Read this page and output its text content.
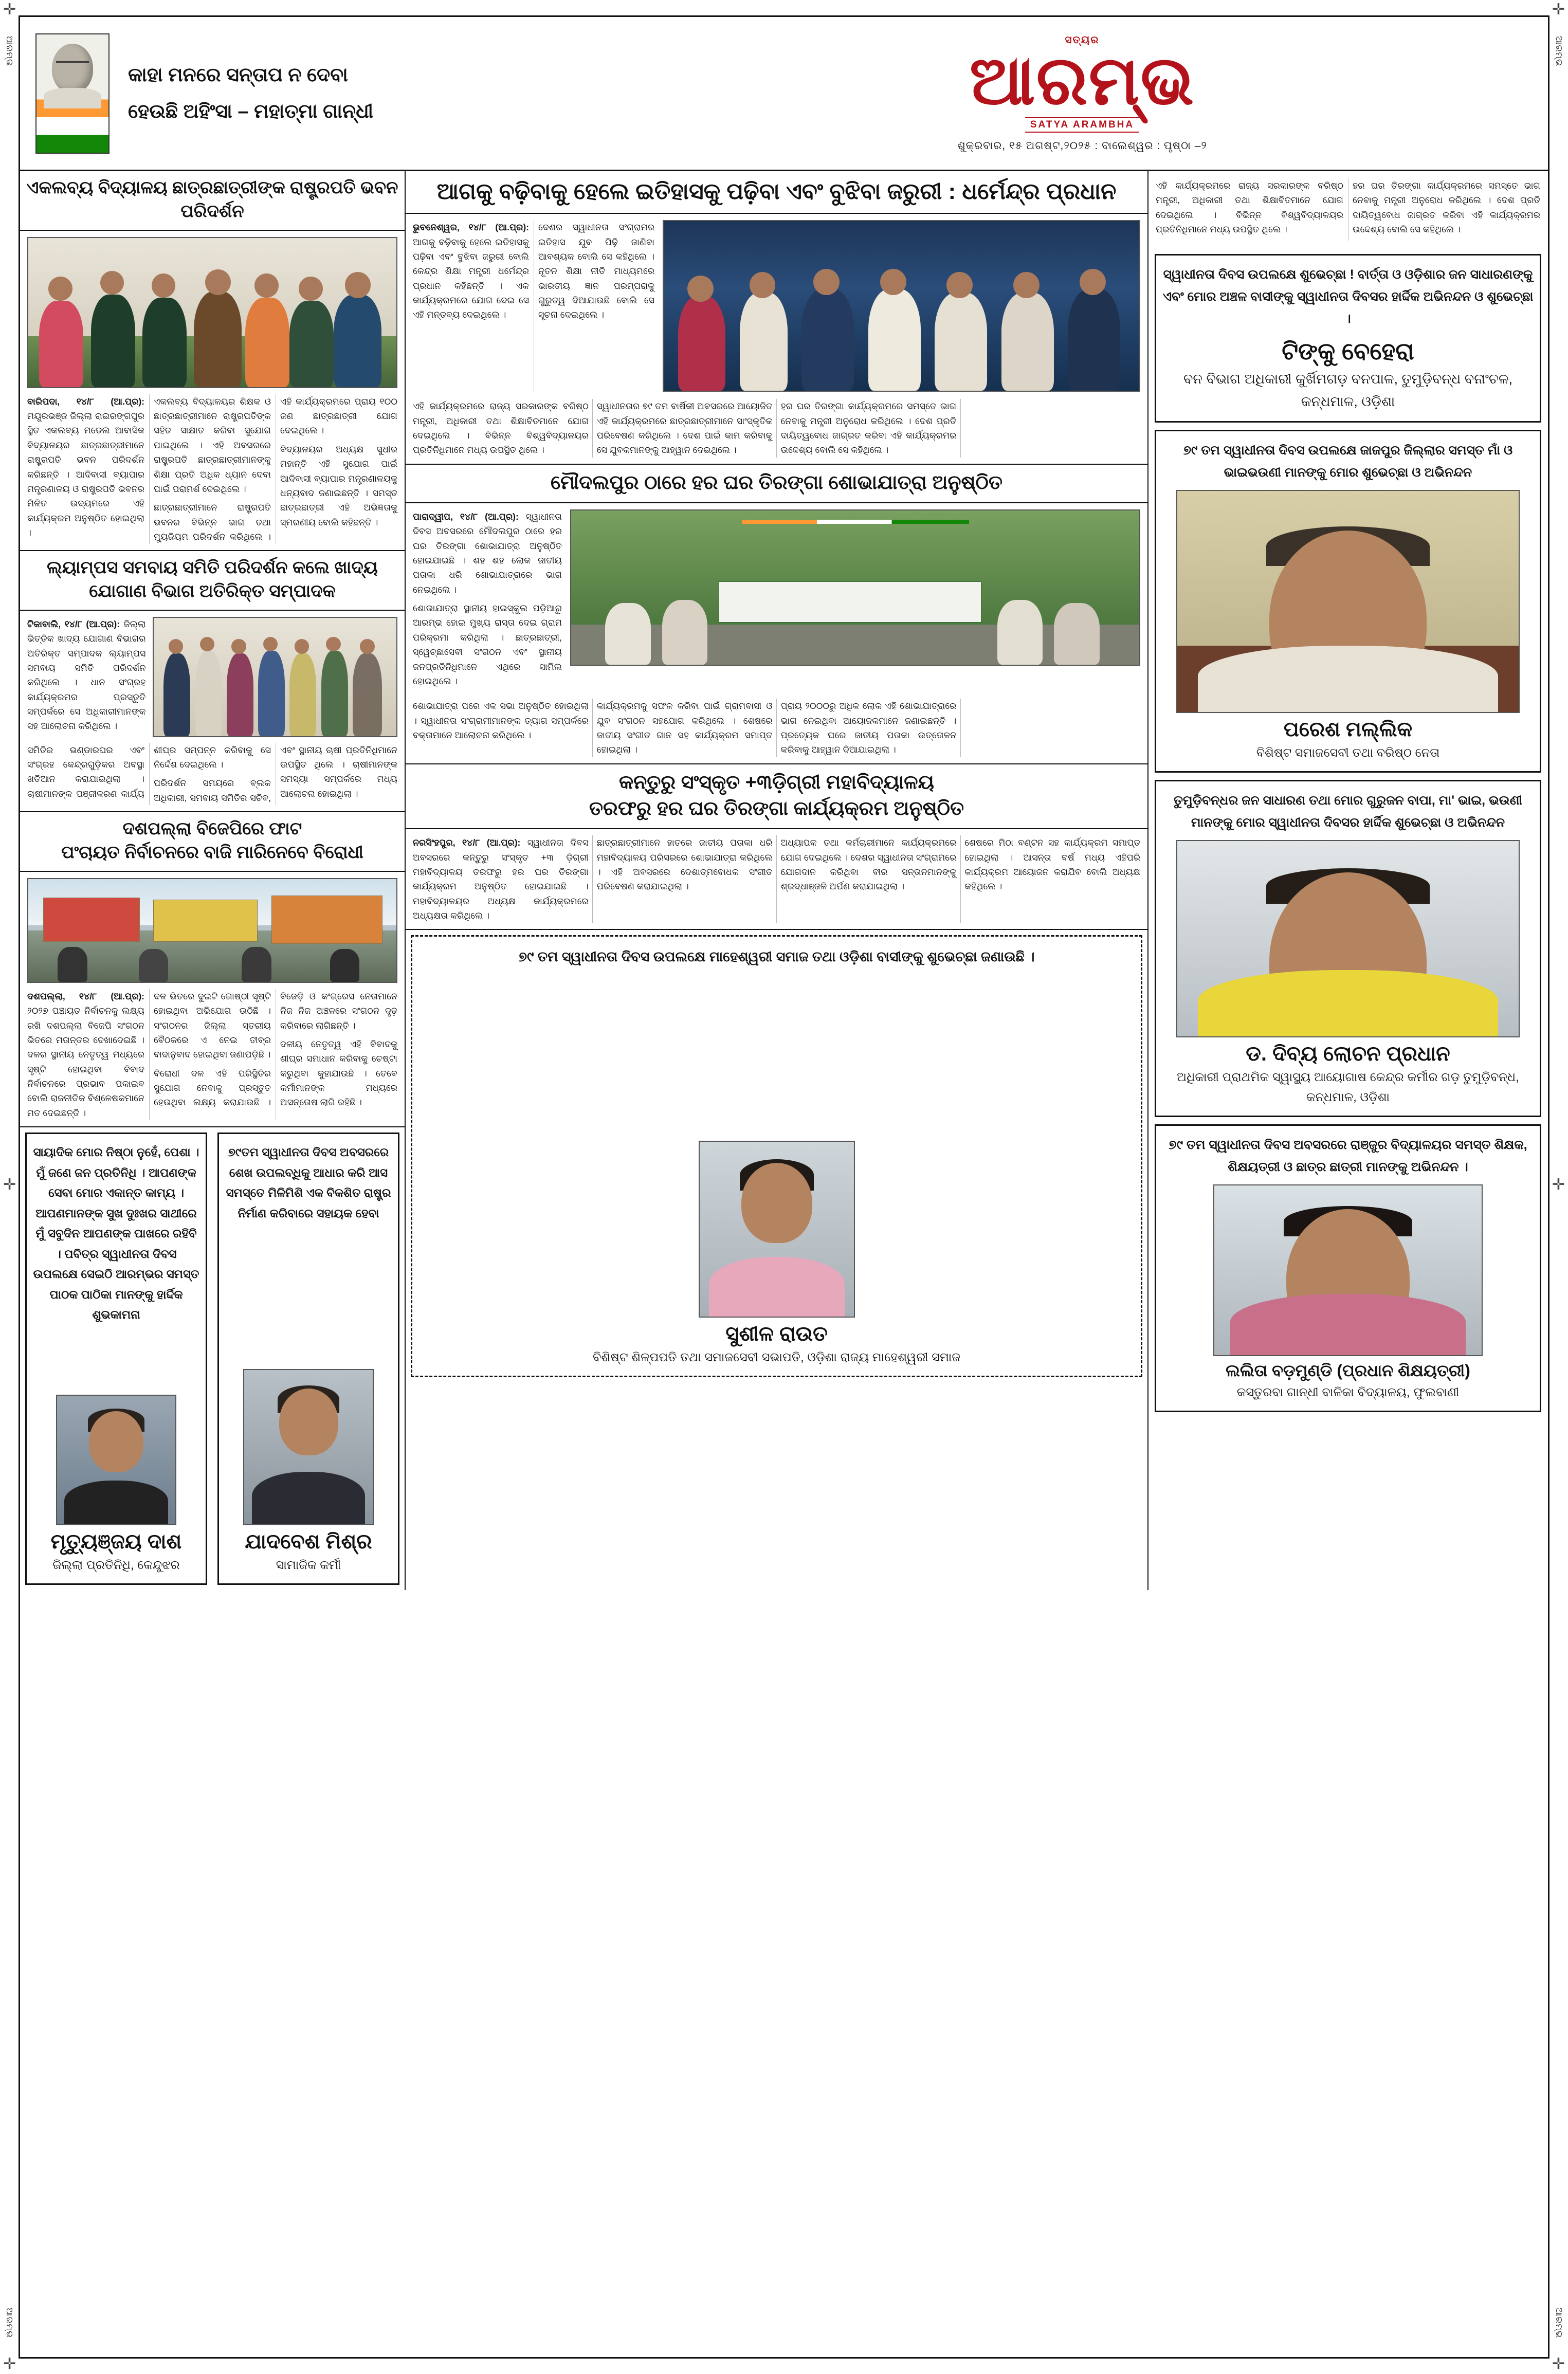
✛	✛
✛	✛
✛	✛
ଆରମ୍ଭ	ଆରମ୍ଭ
ଆରମ୍ଭ	ଆରମ୍ଭ
କାହା ମନରେ ସନ୍ତାପ ନ ଦେବା
ହେଉଛି ଅହିଂସା – ମହାତ୍ମା ଗାନ୍ଧୀ
ସତ୍ୟର
ଆରମ୍ଭ
SATYA ARAMBHA
ଶୁକ୍ରବାର, ୧୫ ଅଗଷ୍ଟ,୨୦୨୫ : ବାଲେଶ୍ୱର : ପୃଷ୍ଠା –୨
ଏକଲବ୍ୟ ବିଦ୍ୟାଳୟ ଛାତ୍ରଛାତ୍ରୀଙ୍କ ରାଷ୍ଟ୍ରପତି ଭବନ ପରିଦର୍ଶନ

ବାରିପଦା, ୧୪/୮ (ଆ.ପ୍ର): ମୟୂରଭଞ୍ଜ ଜିଲ୍ଲା ରାଇରଙ୍ଗପୁର ସ୍ଥିତ ଏକଲବ୍ୟ ମଡେଲ ଆବାସିକ ବିଦ୍ୟାଳୟର ଛାତ୍ରଛାତ୍ରୀମାନେ ରାଷ୍ଟ୍ରପତି ଭବନ ପରିଦର୍ଶନ କରିଛନ୍ତି । ଆଦିବାସୀ ବ୍ୟାପାର ମନ୍ତ୍ରଣାଳୟ ଓ ରାଷ୍ଟ୍ରପତି ଭବନର ମିଳିତ ଉଦ୍ୟମରେ ଏହି କାର୍ଯ୍ୟକ୍ରମ ଅନୁଷ୍ଠିତ ହୋଇଥିଲା ।

ଏକଲବ୍ୟ ବିଦ୍ୟାଳୟର ଶିକ୍ଷକ ଓ ଛାତ୍ରଛାତ୍ରୀମାନେ ରାଷ୍ଟ୍ରପତିଙ୍କ ସହିତ ସାକ୍ଷାତ କରିବା ସୁଯୋଗ ପାଇଥିଲେ । ଏହି ଅବସରରେ ରାଷ୍ଟ୍ରପତି ଛାତ୍ରଛାତ୍ରୀମାନଙ୍କୁ ଶିକ୍ଷା ପ୍ରତି ଅଧିକ ଧ୍ୟାନ ଦେବା ପାଇଁ ପରାମର୍ଶ ଦେଇଥିଲେ ।

ଛାତ୍ରଛାତ୍ରୀମାନେ ରାଷ୍ଟ୍ରପତି ଭବନର ବିଭିନ୍ନ ଭାଗ ତଥା ମ୍ୟୁଜିୟମ ପରିଦର୍ଶନ କରିଥିଲେ । ଏହି କାର୍ଯ୍ୟକ୍ରମରେ ପ୍ରାୟ ୧୦୦ ଜଣ ଛାତ୍ରଛାତ୍ରୀ ଯୋଗ ଦେଇଥିଲେ ।

ବିଦ୍ୟାଳୟର ଅଧ୍ୟକ୍ଷ ସୁଧୀର ମହାନ୍ତି ଏହି ସୁଯୋଗ ପାଇଁ ଆଦିବାସୀ ବ୍ୟାପାର ମନ୍ତ୍ରଣାଳୟକୁ ଧନ୍ୟବାଦ ଜଣାଇଛନ୍ତି । ସମସ୍ତ ଛାତ୍ରଛାତ୍ରୀ ଏହି ଅଭିଜ୍ଞତାକୁ ସ୍ମରଣୀୟ ବୋଲି କହିଛନ୍ତି ।

ଲ୍ୟାମ୍ପସ ସମବାୟ ସମିତି ପରିଦର୍ଶନ କଲେ ଖାଦ୍ୟ ଯୋଗାଣ ବିଭାଗ ଅତିରିକ୍ତ ସମ୍ପାଦକ

ଟିକାବାଲି, ୧୪/୮ (ଆ.ପ୍ର): ଜିଲ୍ଲା ଭିତ୍ତିକ ଖାଦ୍ୟ ଯୋଗାଣ ବିଭାଗର ଅତିରିକ୍ତ ସମ୍ପାଦକ ଲ୍ୟାମ୍ପସ ସମବାୟ ସମିତି ପରିଦର୍ଶନ କରିଥିଲେ । ଧାନ ସଂଗ୍ରହ କାର୍ଯ୍ୟକ୍ରମର ପ୍ରସ୍ତୁତି ସମ୍ପର୍କରେ ସେ ଅଧିକାରୀମାନଙ୍କ ସହ ଆଲୋଚନା କରିଥିଲେ ।

ସମିତିର ଭଣ୍ଡାରଘର ଏବଂ ସଂଗ୍ରହ କେନ୍ଦ୍ରଗୁଡ଼ିକର ଅବସ୍ଥା ଖତିଆନ କରାଯାଇଥିଲା । ଚାଷୀମାନଙ୍କ ପଞ୍ଜୀକରଣ କାର୍ଯ୍ୟ ଶୀଘ୍ର ସମ୍ପନ୍ନ କରିବାକୁ ସେ ନିର୍ଦ୍ଦେଶ ଦେଇଥିଲେ ।

ପରିଦର୍ଶନ ସମୟରେ ବ୍ଲକ ଅଧିକାରୀ, ସମବାୟ ସମିତିର ସଚିବ, ଏବଂ ସ୍ଥାନୀୟ ଚାଷୀ ପ୍ରତିନିଧିମାନେ ଉପସ୍ଥିତ ଥିଲେ । ଚାଷୀମାନଙ୍କ ସମସ୍ୟା ସମ୍ପର୍କରେ ମଧ୍ୟ ଆଲୋଚନା ହୋଇଥିଲା ।

ଦଶପଲ୍ଲା ବିଜେପିରେ ଫାଟ
ପଂଚାୟତ ନିର୍ବାଚନରେ ବାଜି ମାରିନେବେ ବିରୋଧୀ

ଦଶପଲ୍ଲା, ୧୪/୮ (ଆ.ପ୍ର): ୨୦୨୭ ପଞ୍ଚାୟତ ନିର୍ବାଚନକୁ ଲକ୍ଷ୍ୟ ରଖି ଦଶପଲ୍ଲା ବିଜେପି ସଂଗଠନ ଭିତରେ ମତାନ୍ତର ଦେଖାଦେଇଛି । ଦଳର ସ୍ଥାନୀୟ ନେତୃତ୍ୱ ମଧ୍ୟରେ ସୃଷ୍ଟି ହୋଇଥିବା ବିବାଦ ନିର୍ବାଚନରେ ପ୍ରଭାବ ପକାଇବ ବୋଲି ରାଜନୀତିକ ବିଶ୍ଳେଷକମାନେ ମତ ଦେଇଛନ୍ତି ।

ଦଳ ଭିତରେ ଦୁଇଟି ଗୋଷ୍ଠୀ ସୃଷ୍ଟି ହୋଇଥିବା ଅଭିଯୋଗ ଉଠିଛି । ସଂଗଠନର ଜିଲ୍ଲା ସ୍ତରୀୟ ବୈଠକରେ ଏ ନେଇ ତୀବ୍ର ବାଦାନୁବାଦ ହୋଇଥିବା ଜଣାପଡ଼ିଛି ।

ବିରୋଧୀ ଦଳ ଏହି ପରିସ୍ଥିତିର ସୁଯୋଗ ନେବାକୁ ପ୍ରସ୍ତୁତ ହେଉଥିବା ଲକ୍ଷ୍ୟ କରାଯାଉଛି । ବିଜେଡ଼ି ଓ କଂଗ୍ରେସ ନେତାମାନେ ନିଜ ନିଜ ଅଞ୍ଚଳରେ ସଂଗଠନ ଦୃଢ଼ କରିବାରେ ଲାଗିଛନ୍ତି ।

ଦଳୀୟ ନେତୃତ୍ୱ ଏହି ବିବାଦକୁ ଶୀଘ୍ର ସମାଧାନ କରିବାକୁ ଚେଷ୍ଟା କରୁଥିବା କୁହାଯାଉଛି । ତେବେ କର୍ମୀମାନଙ୍କ ମଧ୍ୟରେ ଅସନ୍ତୋଷ ଲାଗି ରହିଛି ।

ସାୟାଦିକ ମୋର ନିଷ୍ଠା ନୁହେଁ, ପେଶା । ମୁଁ ଜଣେ ଜନ ପ୍ରତିନିଧି । ଆପଣଙ୍କ ସେବା ମୋର ଏକାନ୍ତ କାମ୍ୟ । ଆପଣମାନଙ୍କ ସୁଖ ଦୁଃଖର ସାଥୀରେ ମୁଁ ସବୁଦିନ ଆପଣଙ୍କ ପାଖରେ ରହିବି । ପବିତ୍ର ସ୍ୱାଧୀନତା ଦିବସ ଉପଲକ୍ଷେ ସେଇଠି ଆରମ୍ଭର ସମସ୍ତ ପାଠକ ପାଠିକା ମାନଙ୍କୁ ହାର୍ଦ୍ଦିକ ଶୁଭକାମନା
ମୃତ୍ୟୁଞ୍ଜୟ ଦାଶ
ଜିଲ୍ଲା ପ୍ରତିନିଧି, କେନ୍ଦୁଝର
୭୯ତମ ସ୍ୱାଧୀନତା ଦିବସ ଅବସରରେ ଶେଖ ଉପଲବ୍ଧିକୁ ଆଧାର କରି ଆସ ସମସ୍ତେ ମିଳିମିଶି ଏକ ବିକଶିତ ରାଷ୍ଟ୍ର ନିର୍ମାଣ କରିବାରେ ସହାୟକ ହେବା
ଯାଦବେଶ ମିଶ୍ର
ସାମାଜିକ କର୍ମୀ
ଆଗକୁ ବଢ଼ିବାକୁ ହେଲେ ଇତିହାସକୁ ପଢ଼ିବା ଏବଂ ବୁଝିବା ଜରୁରୀ : ଧର୍ମେନ୍ଦ୍ର ପ୍ରଧାନ

ଭୁବନେଶ୍ୱର, ୧୪/୮ (ଆ.ପ୍ର): ଆଗକୁ ବଢ଼ିବାକୁ ହେଲେ ଇତିହାସକୁ ପଢ଼ିବା ଏବଂ ବୁଝିବା ଜରୁରୀ ବୋଲି କେନ୍ଦ୍ର ଶିକ୍ଷା ମନ୍ତ୍ରୀ ଧର୍ମେନ୍ଦ୍ର ପ୍ରଧାନ କହିଛନ୍ତି । ଏକ କାର୍ଯ୍ୟକ୍ରମରେ ଯୋଗ ଦେଇ ସେ ଏହି ମନ୍ତବ୍ୟ ଦେଇଥିଲେ ।

ଦେଶର ସ୍ୱାଧୀନତା ସଂଗ୍ରାମର ଇତିହାସ ଯୁବ ପିଢ଼ି ଜାଣିବା ଆବଶ୍ୟକ ବୋଲି ସେ କହିଥିଲେ । ନୂତନ ଶିକ୍ଷା ନୀତି ମାଧ୍ୟମରେ ଭାରତୀୟ ଜ୍ଞାନ ପରମ୍ପରାକୁ ଗୁରୁତ୍ୱ ଦିଆଯାଉଛି ବୋଲି ସେ ସୂଚନା ଦେଇଥିଲେ ।

ଏହି କାର୍ଯ୍ୟକ୍ରମରେ ରାଜ୍ୟ ସରକାରଙ୍କ ବରିଷ୍ଠ ମନ୍ତ୍ରୀ, ଅଧିକାରୀ ତଥା ଶିକ୍ଷାବିତମାନେ ଯୋଗ ଦେଇଥିଲେ । ବିଭିନ୍ନ ବିଶ୍ୱବିଦ୍ୟାଳୟର ପ୍ରତିନିଧିମାନେ ମଧ୍ୟ ଉପସ୍ଥିତ ଥିଲେ ।

ସ୍ୱାଧୀନତାର ୭୯ ତମ ବାର୍ଷିକୀ ଅବସରରେ ଆୟୋଜିତ ଏହି କାର୍ଯ୍ୟକ୍ରମରେ ଛାତ୍ରଛାତ୍ରୀମାନେ ସାଂସ୍କୃତିକ ପରିବେଷଣ କରିଥିଲେ । ଦେଶ ପାଇଁ କାମ କରିବାକୁ ସେ ଯୁବକମାନଙ୍କୁ ଆହ୍ୱାନ ଦେଇଥିଲେ ।

ହର ଘର ତିରଙ୍ଗା କାର୍ଯ୍ୟକ୍ରମରେ ସମସ୍ତେ ଭାଗ ନେବାକୁ ମନ୍ତ୍ରୀ ଅନୁରୋଧ କରିଥିଲେ । ଦେଶ ପ୍ରତି ଦାୟିତ୍ୱବୋଧ ଜାଗ୍ରତ କରିବା ଏହି କାର୍ଯ୍ୟକ୍ରମର ଉଦ୍ଦେଶ୍ୟ ବୋଲି ସେ କହିଥିଲେ ।

ମୌଦଲପୁର ଠାରେ ହର ଘର ତିରଙ୍ଗା ଶୋଭାଯାତ୍ରା ଅନୁଷ୍ଠିତ

ପାରାଦ୍ୱୀପ, ୧୪/୮ (ଆ.ପ୍ର): ସ୍ୱାଧୀନତା ଦିବସ ଅବସରରେ ମୌଦଲପୁର ଠାରେ ହର ଘର ତିରଙ୍ଗା ଶୋଭାଯାତ୍ରା ଅନୁଷ୍ଠିତ ହୋଇଯାଇଛି । ଶହ ଶହ ଲୋକ ଜାତୀୟ ପତାକା ଧରି ଶୋଭାଯାତ୍ରାରେ ଭାଗ ନେଇଥିଲେ ।

ଶୋଭାଯାତ୍ରା ସ୍ଥାନୀୟ ହାଇସ୍କୁଲ ପଡ଼ିଆରୁ ଆରମ୍ଭ ହୋଇ ମୁଖ୍ୟ ରାସ୍ତା ଦେଇ ଗ୍ରାମ ପରିକ୍ରମା କରିଥିଲା । ଛାତ୍ରଛାତ୍ରୀ, ସ୍ୱେଚ୍ଛାସେବୀ ସଂଗଠନ ଏବଂ ସ୍ଥାନୀୟ ଜନପ୍ରତିନିଧିମାନେ ଏଥିରେ ସାମିଲ ହୋଇଥିଲେ ।

ଶୋଭାଯାତ୍ରା ପରେ ଏକ ସଭା ଅନୁଷ୍ଠିତ ହୋଇଥିଲା । ସ୍ୱାଧୀନତା ସଂଗ୍ରାମୀମାନଙ୍କ ତ୍ୟାଗ ସମ୍ପର୍କରେ ବକ୍ତାମାନେ ଆଲୋଚନା କରିଥିଲେ ।

କାର୍ଯ୍ୟକ୍ରମକୁ ସଫଳ କରିବା ପାଇଁ ଗ୍ରାମବାସୀ ଓ ଯୁବ ସଂଗଠନ ସହଯୋଗ କରିଥିଲେ । ଶେଷରେ ଜାତୀୟ ସଂଗୀତ ଗାନ ସହ କାର୍ଯ୍ୟକ୍ରମ ସମାପ୍ତ ହୋଇଥିଲା ।

ପ୍ରାୟ ୨୦୦୦ରୁ ଅଧିକ ଲୋକ ଏହି ଶୋଭାଯାତ୍ରାରେ ଭାଗ ନେଇଥିବା ଆୟୋଜକମାନେ ଜଣାଇଛନ୍ତି । ପ୍ରତ୍ୟେକ ଘରେ ଜାତୀୟ ପତାକା ଉତ୍ତୋଳନ କରିବାକୁ ଆହ୍ୱାନ ଦିଆଯାଇଥିଲା ।

କନ୍ତୁରୁ ସଂସ୍କୃତ +୩ଡ଼ିଗ୍ରୀ ମହାବିଦ୍ୟାଳୟ
ତରଫରୁ ହର ଘର ତିରଙ୍ଗା କାର୍ଯ୍ୟକ୍ରମ ଅନୁଷ୍ଠିତ

ନରସିଂହପୁର, ୧୪/୮ (ଆ.ପ୍ର): ସ୍ୱାଧୀନତା ଦିବସ ଅବସରରେ କନ୍ତୁରୁ ସଂସ୍କୃତ +୩ ଡ଼ିଗ୍ରୀ ମହାବିଦ୍ୟାଳୟ ତରଫରୁ ହର ଘର ତିରଙ୍ଗା କାର୍ଯ୍ୟକ୍ରମ ଅନୁଷ୍ଠିତ ହୋଇଯାଇଛି । ମହାବିଦ୍ୟାଳୟର ଅଧ୍ୟକ୍ଷ କାର୍ଯ୍ୟକ୍ରମରେ ଅଧ୍ୟକ୍ଷତା କରିଥିଲେ ।

ଛାତ୍ରଛାତ୍ରୀମାନେ ହାତରେ ଜାତୀୟ ପତାକା ଧରି ମହାବିଦ୍ୟାଳୟ ପରିସରରେ ଶୋଭାଯାତ୍ରା କରିଥିଲେ । ଏହି ଅବସରରେ ଦେଶାତ୍ମବୋଧକ ସଂଗୀତ ପରିବେଷଣ କରାଯାଇଥିଲା ।

ଅଧ୍ୟାପକ ତଥା କର୍ମଚାରୀମାନେ କାର୍ଯ୍ୟକ୍ରମରେ ଯୋଗ ଦେଇଥିଲେ । ଦେଶର ସ୍ୱାଧୀନତା ସଂଗ୍ରାମରେ ଯୋଗଦାନ କରିଥିବା ବୀର ସନ୍ତାନମାନଙ୍କୁ ଶ୍ରଦ୍ଧାଞ୍ଜଳି ଅର୍ପଣ କରାଯାଇଥିଲା ।

ଶେଷରେ ମିଠା ବଣ୍ଟନ ସହ କାର୍ଯ୍ୟକ୍ରମ ସମାପ୍ତ ହୋଇଥିଲା । ଆସନ୍ତା ବର୍ଷ ମଧ୍ୟ ଏହିପରି କାର୍ଯ୍ୟକ୍ରମ ଆୟୋଜନ କରାଯିବ ବୋଲି ଅଧ୍ୟକ୍ଷ କହିଥିଲେ ।

୭୯ ତମ ସ୍ୱାଧୀନତା ଦିବସ ଉପଲକ୍ଷେ ମାହେଶ୍ୱରୀ ସମାଜ ତଥା ଓଡ଼ିଶା ବାସୀଙ୍କୁ ଶୁଭେଚ୍ଛା ଜଣାଉଛି ।
ସୁଶୀଳ ରାଉତ
ବିଶିଷ୍ଟ ଶିଳ୍ପପତି ତଥା ସମାଜସେବୀ ସଭାପତି, ଓଡ଼ିଶା ରାଜ୍ୟ ମାହେଶ୍ୱରୀ ସମାଜ

ଏହି କାର୍ଯ୍ୟକ୍ରମରେ ରାଜ୍ୟ ସରକାରଙ୍କ ବରିଷ୍ଠ ମନ୍ତ୍ରୀ, ଅଧିକାରୀ ତଥା ଶିକ୍ଷାବିତମାନେ ଯୋଗ ଦେଇଥିଲେ । ବିଭିନ୍ନ ବିଶ୍ୱବିଦ୍ୟାଳୟର ପ୍ରତିନିଧିମାନେ ମଧ୍ୟ ଉପସ୍ଥିତ ଥିଲେ ।

ହର ଘର ତିରଙ୍ଗା କାର୍ଯ୍ୟକ୍ରମରେ ସମସ୍ତେ ଭାଗ ନେବାକୁ ମନ୍ତ୍ରୀ ଅନୁରୋଧ କରିଥିଲେ । ଦେଶ ପ୍ରତି ଦାୟିତ୍ୱବୋଧ ଜାଗ୍ରତ କରିବା ଏହି କାର୍ଯ୍ୟକ୍ରମର ଉଦ୍ଦେଶ୍ୟ ବୋଲି ସେ କହିଥିଲେ ।

ସ୍ୱାଧୀନତା ଦିବସ ଉପଲକ୍ଷେ ଶୁଭେଚ୍ଛା ! ବାର୍ତ୍ତା ଓ ଓଡ଼ିଶାର ଜନ ସାଧାରଣଙ୍କୁ ଏବଂ ମୋର ଅଞ୍ଚଳ ବାସୀଙ୍କୁ ସ୍ୱାଧୀନତା ଦିବସର ହାର୍ଦ୍ଦିକ ଅଭିନନ୍ଦନ ଓ ଶୁଭେଚ୍ଛା ।
ଟିଙ୍କୁ ବେହେରା
ବନ ବିଭାଗ ଅଧିକାରୀ କୁର୍ଖିମଗଡ଼ ବନପାଳ, ତୁମୁଡ଼ିବନ୍ଧ ବନାଂଚଳ, କନ୍ଧମାଳ, ଓଡ଼ିଶା
୭୯ ତମ ସ୍ୱାଧୀନତା ଦିବସ ଉପଲକ୍ଷେ ଜାଜପୁର ଜିଲ୍ଲାର ସମସ୍ତ ମାଁ ଓ ଭାଇଭଉଣୀ ମାନଙ୍କୁ ମୋର ଶୁଭେଚ୍ଛା ଓ ଅଭିନନ୍ଦନ
ପରେଶ ମଲ୍ଲିକ
ବିଶିଷ୍ଟ ସମାଜସେବୀ ତଥା ବରିଷ୍ଠ ନେତା
ତୁମୁଡ଼ିବନ୍ଧର ଜନ ସାଧାରଣ ତଥା ମୋର ଗୁରୁଜନ ବାପା, ମା' ଭାଇ, ଭଉଣୀ ମାନଙ୍କୁ ମୋର ସ୍ୱାଧୀନତା ଦିବସର ହାର୍ଦ୍ଦିକ ଶୁଭେଚ୍ଛା ଓ ଅଭିନନ୍ଦନ
ଡ. ଦିବ୍ୟ ଲୋଚନ ପ୍ରଧାନ
ଅଧିକାରୀ ପ୍ରାଥମିକ ସ୍ୱାସ୍ଥ୍ୟ ଆୟୋଗାଷ କେନ୍ଦ୍ର କର୍ମୀର ଗଡ଼ ତୁମୁଡ଼ିବନ୍ଧ, କନ୍ଧମାଳ, ଓଡ଼ିଶା
୭୯ ତମ ସ୍ୱାଧୀନତା ଦିବସ ଅବସରରେ ରାଞ୍ଜୁର ବିଦ୍ୟାଳୟର ସମସ୍ତ ଶିକ୍ଷକ, ଶିକ୍ଷୟତ୍ରୀ ଓ ଛାତ୍ର ଛାତ୍ରୀ ମାନଙ୍କୁ ଅଭିନନ୍ଦନ ।
ଲଲିତା ବଡ଼ମୁଣ୍ଡି (ପ୍ରଧାନ ଶିକ୍ଷୟତ୍ରୀ)
କସ୍ତୁରବା ଗାନ୍ଧୀ ବାଳିକା ବିଦ୍ୟାଳୟ, ଫୁଲବାଣୀ
